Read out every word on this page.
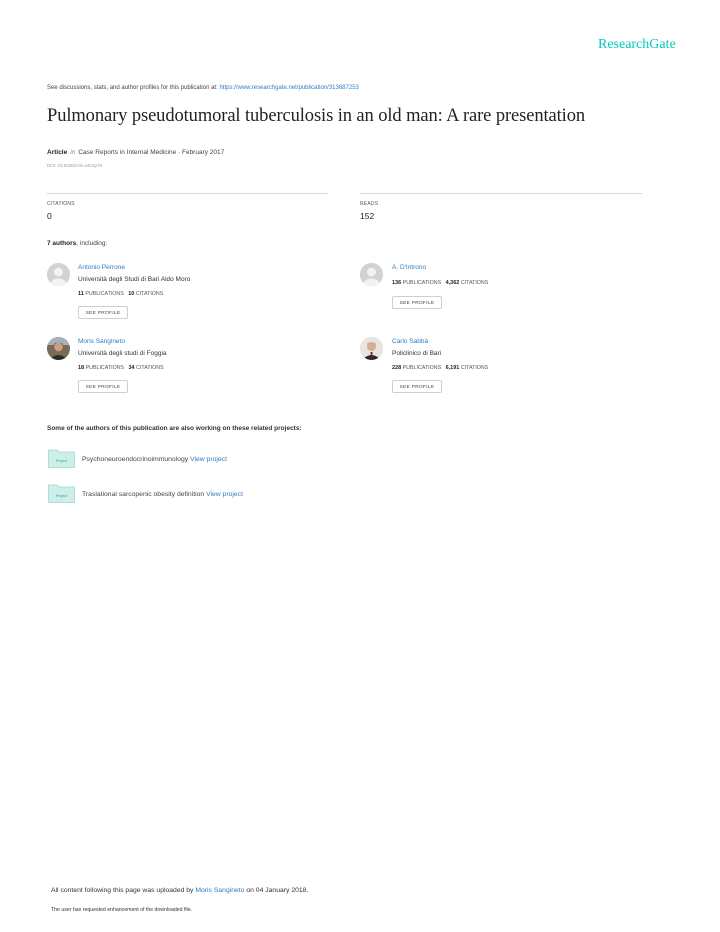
ResearchGate
See discussions, stats, and author profiles for this publication at: https://www.researchgate.net/publication/313687253
Pulmonary pseudotumoral tuberculosis in an old man: A rare presentation
Article in Case Reports in Internal Medicine · February 2017
DOI: 10.5430/crim.v4n1p78
CITATIONS
0
READS
152
7 authors, including:
Antonio Perrone
Università degli Studi di Bari Aldo Moro
11 PUBLICATIONS 10 CITATIONS
SEE PROFILE
A. D'Introno
136 PUBLICATIONS 4,362 CITATIONS
SEE PROFILE
Moris Sangineto
Università degli studi di Foggia
18 PUBLICATIONS 34 CITATIONS
SEE PROFILE
Carlo Sabbà
Policlinico di Bari
228 PUBLICATIONS 6,191 CITATIONS
SEE PROFILE
Some of the authors of this publication are also working on these related projects:
Project Psychoneuroendocrinoimmunology View project
Project Traslational sarcopenic obesity definition View project
All content following this page was uploaded by Moris Sangineto on 04 January 2018.
The user has requested enhancement of the downloaded file.
